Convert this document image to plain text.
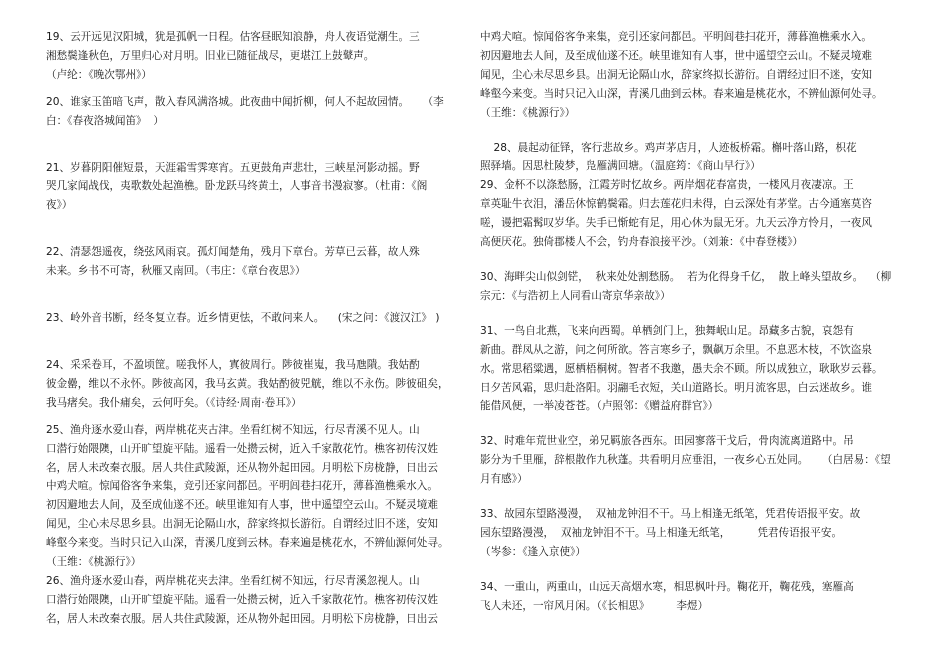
19、云开远见汉阳城，犹是孤帆一日程。估客昼眠知浪静，舟人夜语觉潮生。三
湘愁鬓逢秋色，万里归心对月明。旧业已随征战尽，更堪江上鼓鼙声。
（卢纶：《晚次鄂州》）

20、谁家玉笛暗飞声，散入春风满洛城。此夜曲中闻折柳，何人不起故园情。    （李
白：《春夜洛城闻笛》  ）

21、岁暮阴阳催短景，天涯霜雪霁寒宵。五更鼓角声悲壮，三峡星河影动摇。野
哭几家闻战伐，夷歌数处起渔樵。卧龙跃马终黄土，人事音书漫寂寥。（杜甫：《阁
夜》）

22、清瑟怨遥夜，绕弦风雨哀。孤灯闻楚角，残月下章台。芳草已云暮，故人殊
未来。乡书不可寄，秋雁又南回。（韦庄：《章台夜思》）

23、岭外音书断，经冬复立春。近乡情更怯，不敢问来人。    (宋之问：《渡汉江》 )

24、采采卷耳，不盈顷筐。嗟我怀人，寘彼周行。陟彼崔嵬，我马虺隤。我姑酌
彼金罍，维以不永怀。陟彼高冈，我马玄黄。我姑酌彼兕觥，维以不永伤。陟彼砠矣，
我马瘏矣。我仆痡矣，云何吁矣。（《诗经·周南·卷耳》）

25、渔舟逐水爱山春，两岸桃花夹古津。坐看红树不知远，行尽青溪不见人。山
口潜行始隈隩，山开旷望旋平陆。遥看一处攒云树，近入千家散花竹。樵客初传汉姓
名，居人未改秦衣服。居人共住武陵源，还从物外起田园。月明松下房栊静，日出云
中鸡犬喧。惊闻俗客争来集，竞引还家问都邑。平明闾巷扫花开，薄暮渔樵乘水入。
初因避地去人间，及至成仙遂不还。峡里谁知有人事，世中遥望空云山。不疑灵境难
闻见，尘心未尽思乡县。出洞无论隔山水，辞家终拟长游衍。自谓经过旧不迷，安知
峰壑今来变。当时只记入山深，青溪几度到云林。春来遍是桃花水，不辨仙源何处寻。
（王维：《桃源行》）

26、渔舟逐水爱山春，两岸桃花夹去津。坐看红树不知远，行尽青溪忽视人。山
口潜行始隈隩，山开旷望旋平陆。遥看一处攒云树，近入千家散花竹。樵客初传汉姓
名，居人未改秦衣服。居人共住武陵源，还从物外起田园。月明松下房栊静，日出云

中鸡犬喧。惊闻俗客争来集，竞引还家问都邑。平明闾巷扫花开，薄暮渔樵乘水入。
初因避地去人间，及至成仙遂不还。峡里谁知有人事，世中遥望空云山。不疑灵境难
闻见，尘心未尽思乡县。出洞无论隔山水，辞家终拟长游衍。自谓经过旧不迷，安知
峰壑今来变。当时只记入山深，青溪几曲到云林。春来遍是桃花水，不辨仙源何处寻。
（王维：《桃源行》）

28、晨起动征铎，客行悲故乡。鸡声茅店月，人迹板桥霜。槲叶落山路，枳花
照驿墙。因思杜陵梦，凫雁满回塘。（温庭筠：《商山早行》）

29、金杯不以涤愁肠，江霞芳时忆故乡。两岸烟花春富贵，一楼风月夜凄凉。王
章英耻牛衣泪，潘岳休惊鹤鬓霜。归去莲花归未得，白云深处有茅堂。古今通塞莫咨
嗟，谩把霜髯叹岁华。失手已惭蛇有足，用心休为鼠无牙。九天云净方怜月，一夜风
高便厌花。独倚郡楼人不会，钓舟春浪接平沙。（刘兼：《中春登楼》）

30、海畔尖山似剑铓，  秋来处处割愁肠。  若为化得身千亿，  散上峰头望故乡。  （柳
宗元：《与浩初上人同看山寄京华亲故》）

31、一鸟自北燕，飞来向西蜀。单栖剑门上，独舞岷山足。昂藏多古貌，哀怨有
新曲。群凤从之游，问之何所欲。答言寒乡子，飘飙万余里。不息恶木枝，不饮盗泉
水。常思稻粱遇，愿栖梧桐树。智者不我邀，愚夫余不顾。所以成独立，耿耿岁云暮。
日夕苦风霜，思归赴洛阳。羽翮毛衣短，关山道路长。明月流客思，白云迷故乡。谁
能借风便，一举凌苍苍。（卢照邻：《赠益府群官》）

32、时难年荒世业空，弟兄羁旅各西东。田园寥落干戈后，骨肉流离道路中。吊
影分为千里雁，辞根散作九秋蓬。共看明月应垂泪，一夜乡心五处同。    （白居易：《望
月有感》）

33、故园东望路漫漫，  双袖龙钟泪不干。马上相逢无纸笔，凭君传语报平安。故
园东望路漫漫，  双袖龙钟泪不干。马上相逢无纸笔，        凭君传语报平安。
（岑参：《逢入京使》）

34、一重山，两重山，山远天高烟水寒，相思枫叶丹。鞠花开，鞠花残，塞雁高
飞人未还，一帘风月闲。（《长相思》        李煜）
